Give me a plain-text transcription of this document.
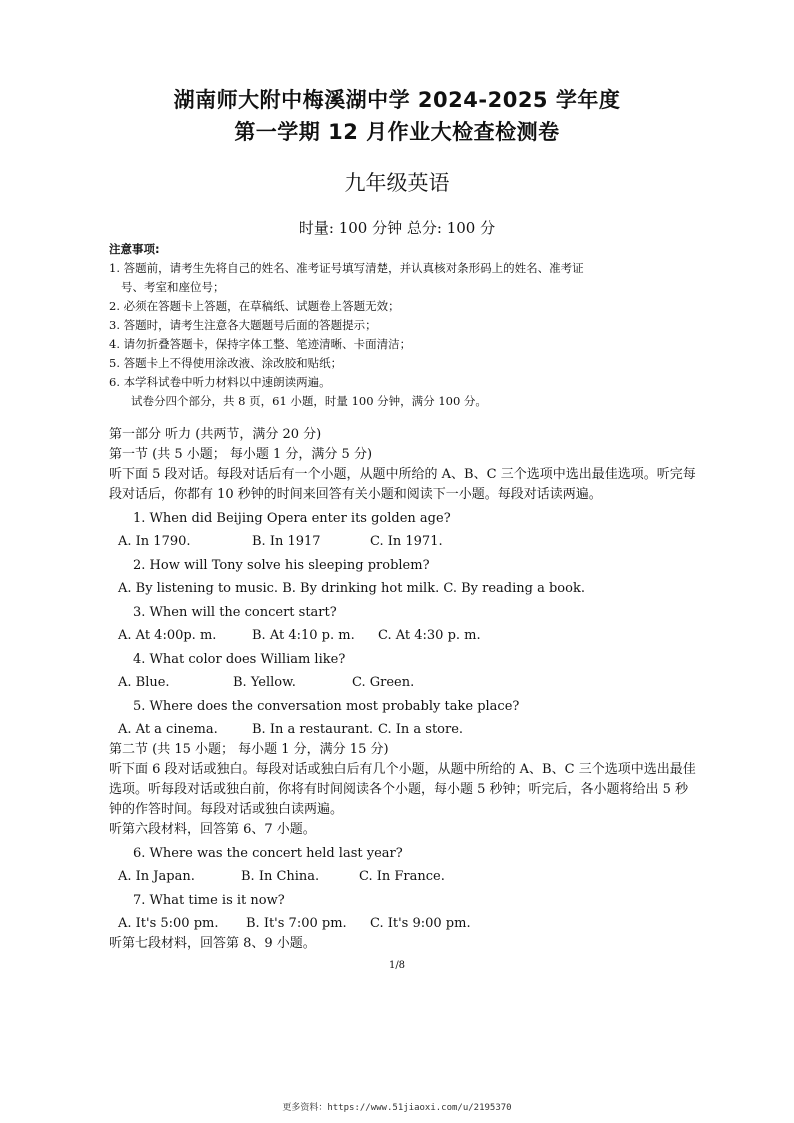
湖南师大附中梅溪湖中学 2024-2025 学年度
第一学期 12 月作业大检查检测卷
九年级英语
时量: 100 分钟 总分: 100 分
注意事项:
1. 答题前，请考生先将自己的姓名、准考证号填写清楚，并认真核对条形码上的姓名、准考证
号、考室和座位号；
2. 必须在答题卡上答题，在草稿纸、试题卷上答题无效；
3. 答题时，请考生注意各大题题号后面的答题提示；
4. 请勿折叠答题卡，保持字体工整、笔迹清晰、卡面清洁；
5. 答题卡上不得使用涂改液、涂改胶和贴纸；
6. 本学科试卷中听力材料以中速朗读两遍。
试卷分四个部分，共 8 页，61 小题，时量 100 分钟，满分 100 分。
第一部分 听力 (共两节，满分 20 分)
第一节 (共 5 小题； 每小题 1 分，满分 5 分)
听下面 5 段对话。每段对话后有一个小题，从题中所给的 A、B、C 三个选项中选出最佳选项。听完每段对话后，你都有 10 秒钟的时间来回答有关小题和阅读下一小题。每段对话读两遍。
1. When did Beijing Opera enter its golden age?
A. In 1790.	B. In 1917	C. In 1971.
2. How will Tony solve his sleeping problem?
A. By listening to music. B. By drinking hot milk. C. By reading a book.
3. When will the concert start?
A. At 4:00p. m.	B. At 4:10 p. m. C. At 4:30 p. m.
4. What color does William like?
A. Blue.	B. Yellow.	C. Green.
5. Where does the conversation most probably take place?
A. At a cinema.	B. In a restaurant. C. In a store.
第二节 (共 15 小题； 每小题 1 分，满分 15 分)
听下面 6 段对话或独白。每段对话或独白后有几个小题，从题中所给的 A、B、C 三个选项中选出最佳选项。听每段对话或独白前，你将有时间阅读各个小题，每小题 5 秒钟；听完后，各小题将给出 5 秒钟的作答时间。每段对话或独白读两遍。
听第六段材料，回答第 6、7 小题。
6. Where was the concert held last year?
A. In Japan.	B. In China.	C. In France.
7. What time is it now?
A. It's 5:00 pm. B. It's 7:00 pm. C. It's 9:00 pm.
听第七段材料，回答第 8、9 小题。
1/8
更多资料：https://www.51jiaoxi.com/u/2195370
